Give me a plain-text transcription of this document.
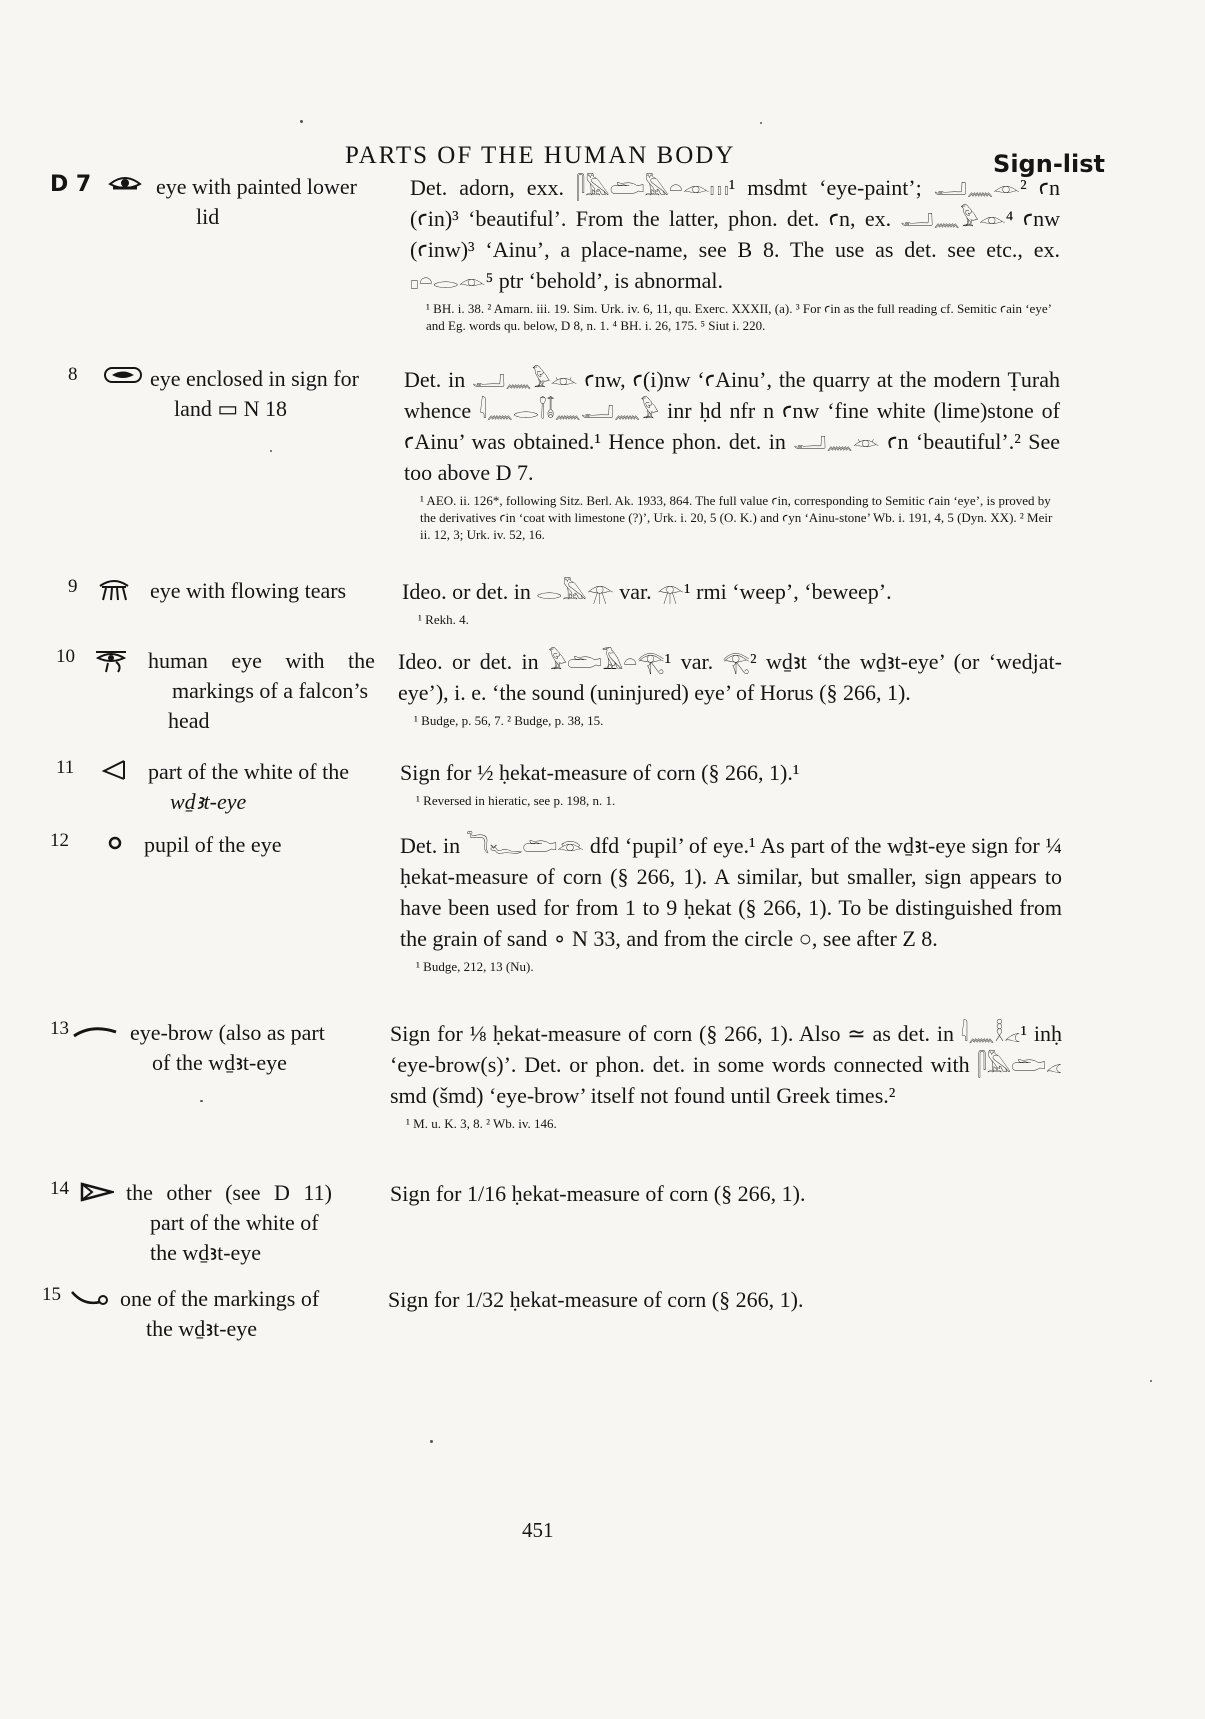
PARTS OF THE HUMAN BODY	Sign-list
D 7	eye with painted lower
lid
Det. adorn, exx. 𓋴𓅓𓂧𓅓𓏏𓁹𓏥¹ msdmt ‘eye-paint’; 𓂝𓈖𓁹² ꜥn (ꜥin)³ ‘beautiful’. From the latter, phon. det. ꜥn, ex. 𓂝𓈖𓅱𓁹⁴ ꜥnw (ꜥinw)³ ‘Ainu’, a place-name, see B 8. The use as det. see etc., ex. 𓊪𓏏𓂋𓁹⁵ ptr ‘behold’, is abnormal.
¹ BH. i. 38. ² Amarn. iii. 19. Sim. Urk. iv. 6, 11, qu. Exerc. XXXII, (a). ³ For ꜥin as the full reading cf. Semitic ꜥain ‘eye’ and Eg. words qu. below, D 8, n. 1. ⁴ BH. i. 26, 175. ⁵ Siut i. 220.
8	eye enclosed in sign for
land ▭ N 18
Det. in 𓂝𓈖𓅱𓁺 ꜥnw, ꜥ(i)nw ‘ꜥAinu’, the quarry at the modern Ṭurah whence 𓇋𓈖𓂋𓌉𓄤𓈖𓂝𓈖𓅱 inr ḥd nfr n ꜥnw ‘fine white (lime)stone of ꜥAinu’ was obtained.¹ Hence phon. det. in 𓂝𓈖𓁺 ꜥn ‘beautiful’.² See too above D 7.
¹ AEO. ii. 126*, following Sitz. Berl. Ak. 1933, 864. The full value ꜥin, corresponding to Semitic ꜥain ‘eye’, is proved by the derivatives ꜥin ‘coat with limestone (?)’, Urk. i. 20, 5 (O. K.) and ꜥyn ‘Ainu-stone’ Wb. i. 191, 4, 5 (Dyn. XX). ² Meir ii. 12, 3; Urk. iv. 52, 16.
9	eye with flowing tears	Ideo. or det. in 𓂋𓅓𓁿 var. 𓁿¹ rmi ‘weep’, ‘beweep’.
¹ Rekh. 4.
10	human eye with the
markings of a falcon’s
head
Ideo. or det. in 𓅱𓂧𓄿𓏏𓂀¹ var. 𓂀² wḏꜣt ‘the wḏꜣt-eye’ (or ‘wedjat-eye’), i. e. ‘the sound (uninjured) eye’ of Horus (§ 266, 1).
¹ Budge, p. 56, 7. ² Budge, p. 38, 15.
11	part of the white of the
wḏꜣt-eye
Sign for ½ ḥekat-measure of corn (§ 266, 1).¹
¹ Reversed in hieratic, see p. 198, n. 1.
12	pupil of the eye	Det. in 𓆓𓆑𓂧𓁻 dfd ‘pupil’ of eye.¹ As part of the wḏꜣt-eye sign for ¼ ḥekat-measure of corn (§ 266, 1). A similar, but smaller, sign appears to have been used for from 1 to 9 ḥekat (§ 266, 1). To be distinguished from the grain of sand ∘ N 33, and from the circle ○, see after Z 8.
¹ Budge, 212, 13 (Nu).
13	eye-brow (also as part
of the wḏꜣt-eye
Sign for ⅛ ḥekat-measure of corn (§ 266, 1). Also ≃ as det. in 𓇋𓈖𓎛𓂁¹ inḥ ‘eye-brow(s)’. Det. or phon. det. in some words connected with 𓋴𓅓𓂧𓂁 smd (šmd) ‘eye-brow’ itself not found until Greek times.²
¹ M. u. K. 3, 8. ² Wb. iv. 146.
14	the other (see D 11)
part of the white of
the wḏꜣt-eye
Sign for 1/16 ḥekat-measure of corn (§ 266, 1).
15	one of the markings of
the wḏꜣt-eye
Sign for 1/32 ḥekat-measure of corn (§ 266, 1).
451
